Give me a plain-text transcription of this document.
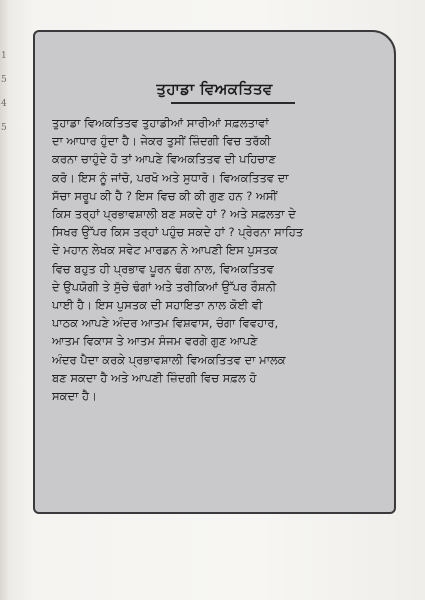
1
5
4
5
ਤੁਹਾਡਾ ਵਿਅਕਤਿਤਵ
ਤੁਹਾਡਾ ਵਿਅਕਤਿਤਵ ਤੁਹਾਡੀਆਂ ਸਾਰੀਆਂ ਸਫ਼ਲਤਾਵਾਂ
ਦਾ ਆਧਾਰ ਹੁੰਦਾ ਹੈ। ਜੇਕਰ ਤੁਸੀਂ ਜ਼ਿੰਦਗੀ ਵਿਚ ਤਰੱਕੀ
ਕਰਨਾ ਚਾਹੁੰਦੇ ਹੋ ਤਾਂ ਆਪਣੇ ਵਿਅਕਤਿਤਵ ਦੀ ਪਹਿਚਾਣ
ਕਰੋ। ਇਸ ਨੂੰ ਜਾਂਚੋ, ਪਰਖੋ ਅਤੇ ਸੁਧਾਰੋ। ਵਿਅਕਤਿਤਵ ਦਾ
ਸੱਚਾ ਸਰੂਪ ਕੀ ਹੈ ? ਇਸ ਵਿਚ ਕੀ ਕੀ ਗੁਣ ਹਨ ? ਅਸੀਂ
ਕਿਸ ਤਰ੍ਹਾਂ ਪ੍ਰਭਾਵਸ਼ਾਲੀ ਬਣ ਸਕਦੇ ਹਾਂ ? ਅਤੇ ਸਫ਼ਲਤਾ ਦੇ
ਸਿਖਰ ਉੱਪਰ ਕਿਸ ਤਰ੍ਹਾਂ ਪਹੁੰਚ ਸਕਦੇ ਹਾਂ ? ਪ੍ਰੇਰਨਾ ਸਾਹਿਤ
ਦੇ ਮਹਾਨ ਲੇਖਕ ਸਵੇਟ ਮਾਰਡਨ ਨੇ ਆਪਣੀ ਇਸ ਪੁਸਤਕ
ਵਿਚ ਬਹੁਤ ਹੀ ਪ੍ਰਭਾਵ ਪੂਰਨ ਢੰਗ ਨਾਲ, ਵਿਅਕਤਿਤਵ
ਦੇ ਉਪਯੋਗੀ ਤੇ ਸੁੱਚੇ ਢੰਗਾਂ ਅਤੇ ਤਰੀਕਿਆਂ ਉੱਪਰ ਰੌਸ਼ਨੀ
ਪਾਈ ਹੈ। ਇਸ ਪੁਸਤਕ ਦੀ ਸਹਾਇਤਾ ਨਾਲ ਕੋਈ ਵੀ
ਪਾਠਕ ਆਪਣੇ ਅੰਦਰ ਆਤਮ ਵਿਸ਼ਵਾਸ, ਚੰਗਾ ਵਿਵਹਾਰ,
ਆਤਮ ਵਿਕਾਸ ਤੇ ਆਤਮ ਸੰਜਮ ਵਰਗੇ ਗੁਣ ਆਪਣੇ
ਅੰਦਰ ਪੈਦਾ ਕਰਕੇ ਪ੍ਰਭਾਵਸ਼ਾਲੀ ਵਿਅਕਤਿਤਵ ਦਾ ਮਾਲਕ
ਬਣ ਸਕਦਾ ਹੈ ਅਤੇ ਆਪਣੀ ਜ਼ਿੰਦਗੀ ਵਿਚ ਸਫ਼ਲ ਹੋ
ਸਕਦਾ ਹੈ।
